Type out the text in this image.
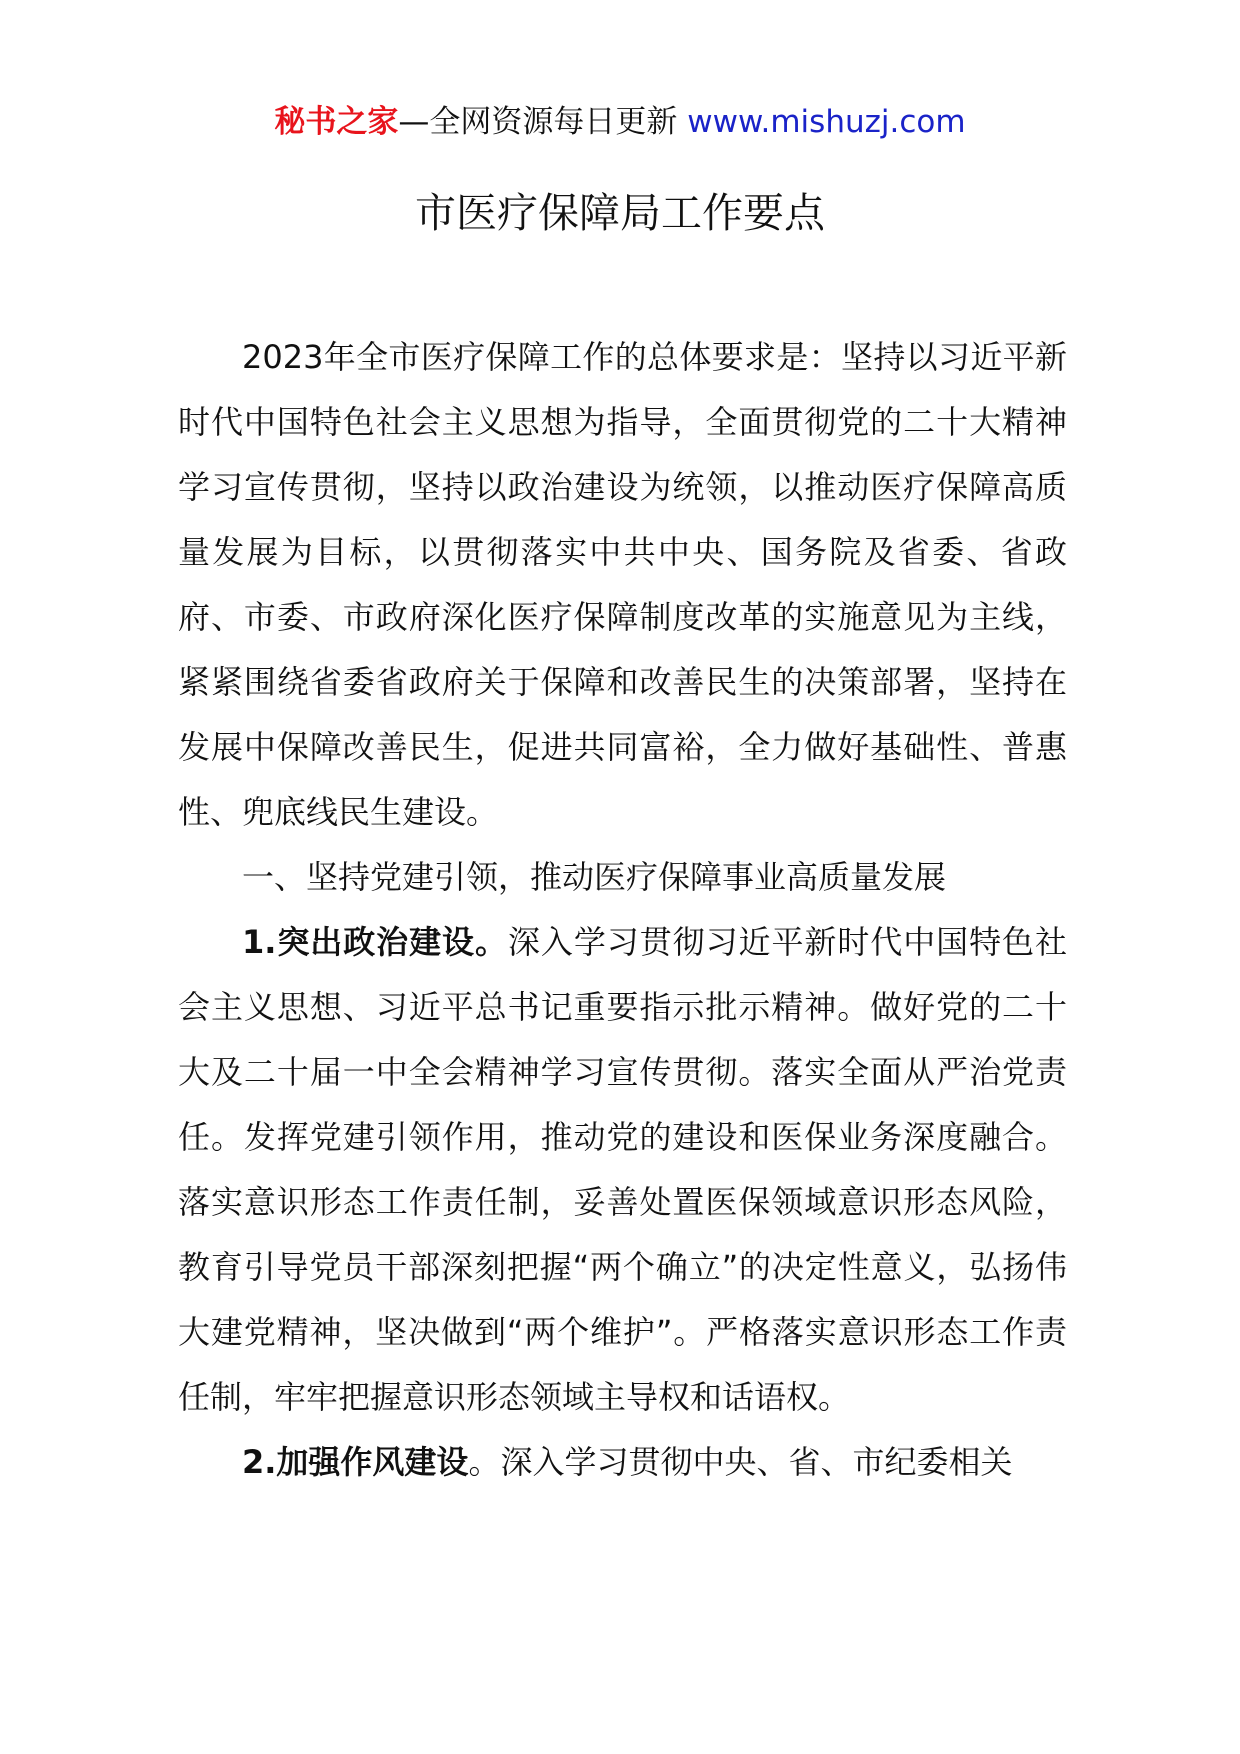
秘书之家—全网资源每日更新 www.mishuzj.com
市医疗保障局工作要点

2023年全市医疗保障工作的总体要求是：坚持以习近平新时代中国特色社会主义思想为指导，全面贯彻党的二十大精神学习宣传贯彻，坚持以政治建设为统领，以推动医疗保障高质量发展为目标，以贯彻落实中共中央、国务院及省委、省政府、市委、市政府深化医疗保障制度改革的实施意见为主线，紧紧围绕省委省政府关于保障和改善民生的决策部署，坚持在发展中保障改善民生，促进共同富裕，全力做好基础性、普惠性、兜底线民生建设。

一、坚持党建引领，推动医疗保障事业高质量发展

1.突出政治建设。深入学习贯彻习近平新时代中国特色社会主义思想、习近平总书记重要指示批示精神。做好党的二十大及二十届一中全会精神学习宣传贯彻。落实全面从严治党责任。发挥党建引领作用，推动党的建设和医保业务深度融合。落实意识形态工作责任制，妥善处置医保领域意识形态风险，教育引导党员干部深刻把握“两个确立”的决定性意义，弘扬伟大建党精神，坚决做到“两个维护”。严格落实意识形态工作责任制，牢牢把握意识形态领域主导权和话语权。

2.加强作风建设。深入学习贯彻中央、省、市纪委相关
